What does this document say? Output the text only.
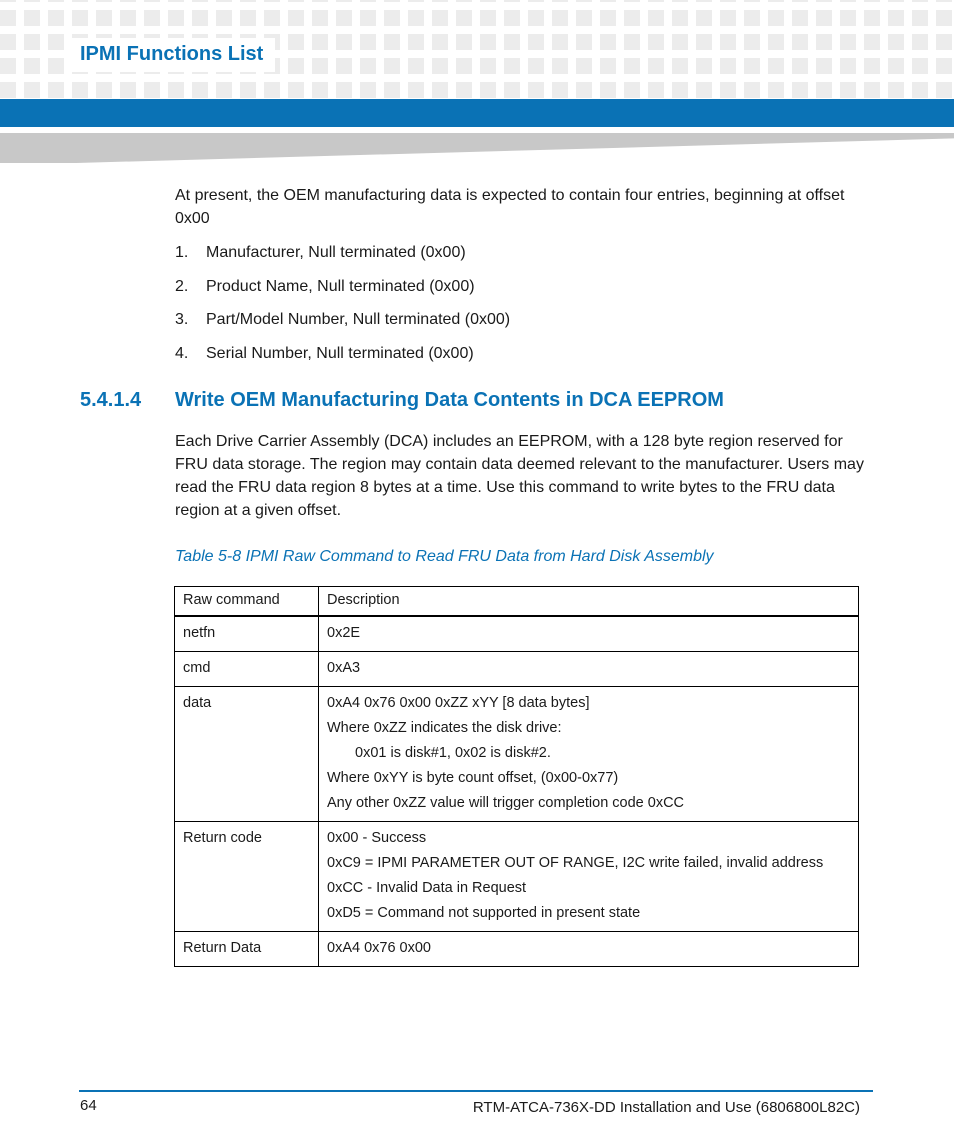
IPMI Functions List
At present, the OEM manufacturing data is expected to contain four entries, beginning at offset 0x00
1.	Manufacturer, Null terminated (0x00)
2.	Product Name, Null terminated (0x00)
3.	Part/Model Number, Null terminated (0x00)
4.	Serial Number, Null terminated (0x00)
5.4.1.4	Write OEM Manufacturing Data Contents in DCA EEPROM
Each Drive Carrier Assembly (DCA) includes an EEPROM, with a 128 byte region reserved for FRU data storage. The region may contain data deemed relevant to the manufacturer. Users may read the FRU data region 8 bytes at a time. Use this command to write bytes to the FRU data region at a given offset.
Table 5-8 IPMI Raw Command to Read FRU Data from Hard Disk Assembly
Raw command	Description
netfn	0x2E

cmd	0xA3

data	0xA4 0x76 0x00 0xZZ xYY [8 data bytes]
Where 0xZZ indicates the disk drive:
0x01 is disk#1, 0x02 is disk#2.
Where 0xYY is byte count offset, (0x00-0x77)
Any other 0xZZ value will trigger completion code 0xCC

Return code	0x00 - Success
0xC9 = IPMI PARAMETER OUT OF RANGE, I2C write failed, invalid address
0xCC - Invalid Data in Request
0xD5 = Command not supported in present state

Return Data	0xA4 0x76 0x00
64	RTM-ATCA-736X-DD Installation and Use (6806800L82C)
